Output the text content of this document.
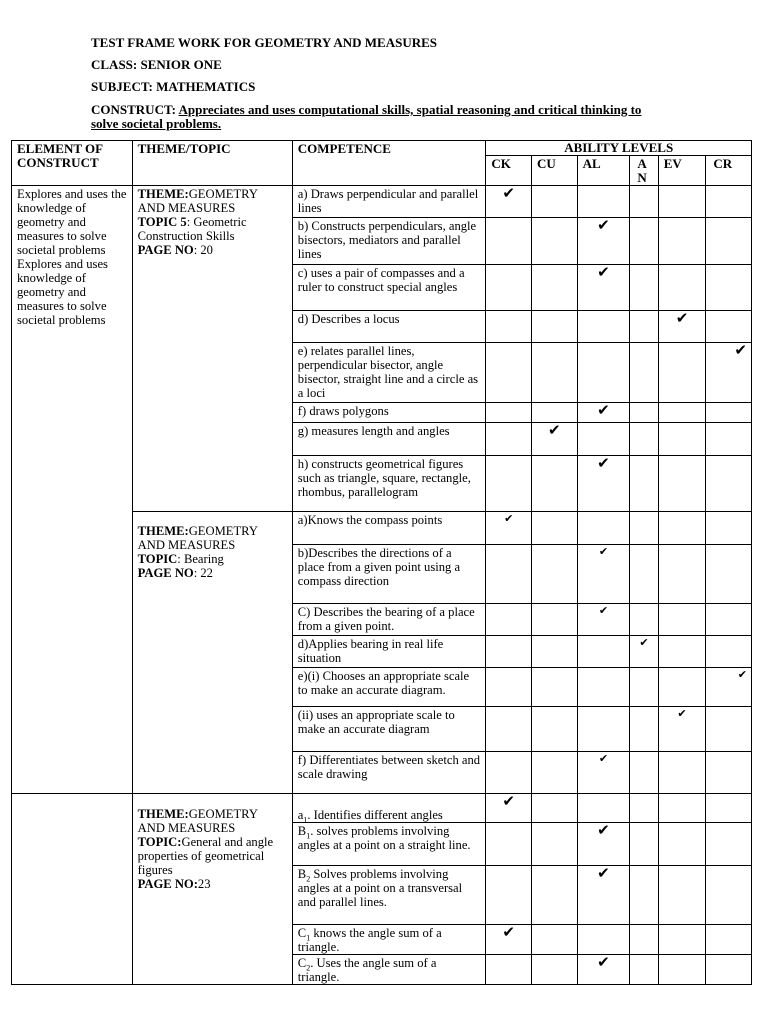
TEST FRAME WORK FOR GEOMETRY AND MEASURES
CLASS: SENIOR ONE
SUBJECT: MATHEMATICS
CONSTRUCT: Appreciates and uses computational skills, spatial reasoning and critical thinking to
solve societal problems.
ELEMENT OF CONSTRUCT	THEME/TOPIC	COMPETENCE	ABILITY LEVELS					
			CK	CU	AL	A N	EV	CR
Explores and uses the knowledge of geometry and measures to solve societal problems Explores and uses knowledge of geometry and measures to solve societal problems	THEME:GEOMETRY AND MEASURES
TOPIC 5: Geometric Construction Skills
PAGE NO: 20	a) Draws perpendicular and parallel lines	✔					

		b) Constructs perpendiculars, angle bisectors, mediators and parallel lines			✔			

		c) uses a pair of compasses and a ruler to construct special angles			✔			

		d) Describes a locus					✔	

		e) relates parallel lines, perpendicular bisector, angle bisector, straight line and a circle as a loci						✔

		f) draws polygons			✔			

		g) measures length and angles		✔				

		h) constructs geometrical figures such as triangle, square, rectangle, rhombus, parallelogram			✔			

	THEME:GEOMETRY AND MEASURES
TOPIC: Bearing
PAGE NO: 22	a)Knows the compass points	✔					

		b)Describes the directions of a place from a given point using a compass direction			✔			

		C) Describes the bearing of a place from a given point.			✔			

		d)Applies bearing in real life situation				✔		

		e)(i) Chooses an appropriate scale to make an accurate diagram.						✔

		(ii) uses an appropriate scale to make an accurate diagram					✔	

		f) Differentiates between sketch and scale drawing			✔			

	THEME:GEOMETRY AND MEASURES
TOPIC:General and angle properties of geometrical figures
PAGE NO:23	$a_1$. Identifies different angles	✔					

		$B_1$. solves problems involving angles at a point on a straight line.			✔			

		$B_2$ Solves problems involving angles at a point on a transversal and parallel lines.			✔			

		$C_1$ knows the angle sum of a triangle.	✔					

		$C_2$. Uses the angle sum of a triangle.			✔			
